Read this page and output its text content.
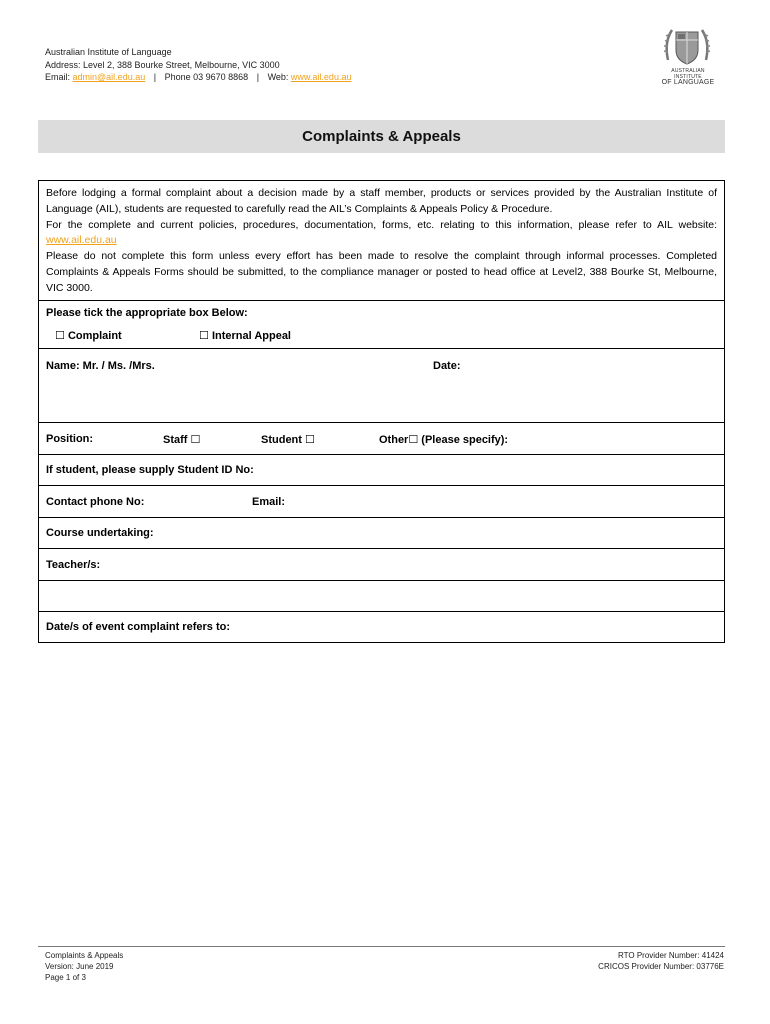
Australian Institute of Language
Address: Level 2, 388 Bourke Street, Melbourne, VIC 3000
Email: admin@ail.edu.au | Phone 03 9670 8868 | Web: www.ail.edu.au
AUSTRALIAN INSTITUTE
OF LANGUAGE
Complaints & Appeals

Before lodging a formal complaint about a decision made by a staff member, products or services provided by the Australian Institute of Language (AIL), students are requested to carefully read the AIL’s Complaints & Appeals Policy & Procedure.

For the complete and current policies, procedures, documentation, forms, etc. relating to this information, please refer to AIL website: www.ail.edu.au

Please do not complete this form unless every effort has been made to resolve the complaint through informal processes. Completed Complaints & Appeals Forms should be submitted, to the compliance manager or posted to head office at Level2, 388 Bourke St, Melbourne, VIC 3000.

Please tick the appropriate box Below:
☐ Complaint	☐ Internal Appeal
Name: Mr. / Ms. /Mrs.	Date:
Position:	Staff ☐	Student ☐	Other☐ (Please specify):
If student, please supply Student ID No:
Contact phone No:	Email:
Course undertaking:
Teacher/s:
Date/s of event complaint refers to:
Complaints & Appeals
Version: June 2019
Page 1 of 3
RTO Provider Number: 41424
CRICOS Provider Number: 03776E
